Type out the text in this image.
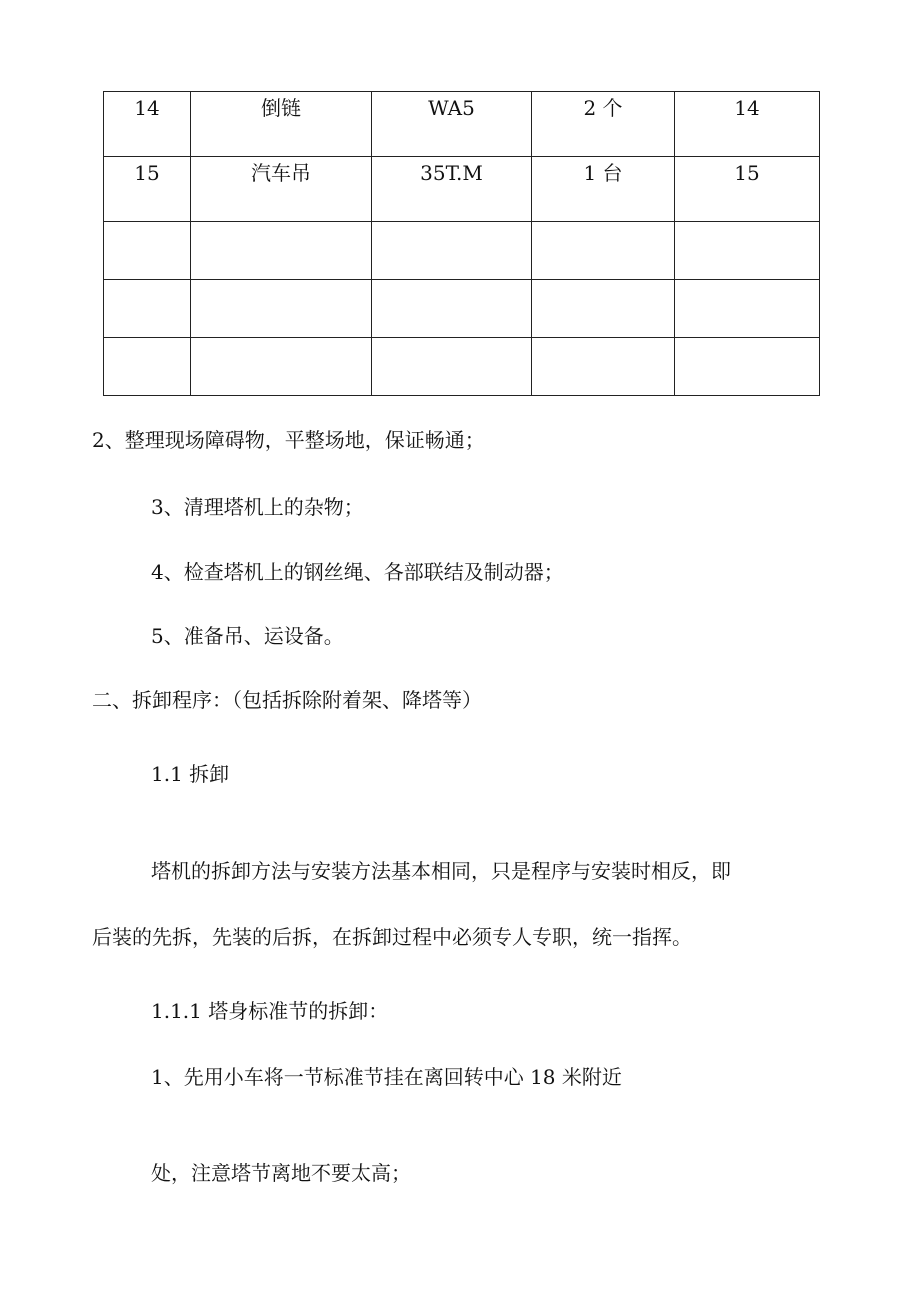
14	倒链	WA5	2 个	14
15	汽车吊	35T.M	1 台	15

2、整理现场障碍物，平整场地，保证畅通；
3、清理塔机上的杂物；
4、检查塔机上的钢丝绳、各部联结及制动器；
5、准备吊、运设备。
二、拆卸程序：（包括拆除附着架、降塔等）
1.1 拆卸
塔机的拆卸方法与安装方法基本相同，只是程序与安装时相反，即
后装的先拆，先装的后拆，在拆卸过程中必须专人专职，统一指挥。
1.1.1 塔身标准节的拆卸：
1、先用小车将一节标准节挂在离回转中心 18 米附近
处，注意塔节离地不要太高；
